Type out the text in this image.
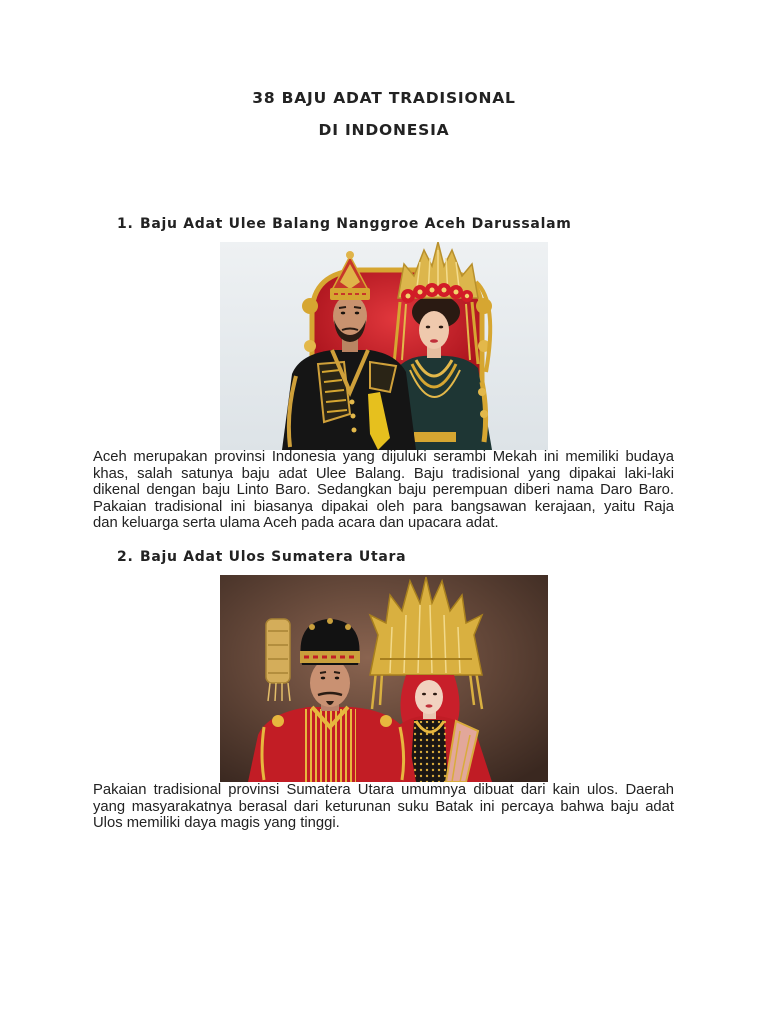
38 BAJU ADAT TRADISIONAL
DI INDONESIA
1. Baju Adat Ulee Balang Nanggroe Aceh Darussalam
Aceh merupakan provinsi Indonesia yang dijuluki serambi Mekah ini memiliki budaya
khas, salah satunya baju adat Ulee Balang. Baju tradisional yang dipakai laki-laki
dikenal dengan baju Linto Baro. Sedangkan baju perempuan diberi nama Daro Baro.
Pakaian tradisional ini biasanya dipakai oleh para bangsawan kerajaan, yaitu Raja
dan keluarga serta ulama Aceh pada acara dan upacara adat.
2. Baju Adat Ulos Sumatera Utara
Pakaian tradisional provinsi Sumatera Utara umumnya dibuat dari kain ulos. Daerah
yang masyarakatnya berasal dari keturunan suku Batak ini percaya bahwa baju adat
Ulos memiliki daya magis yang tinggi.
